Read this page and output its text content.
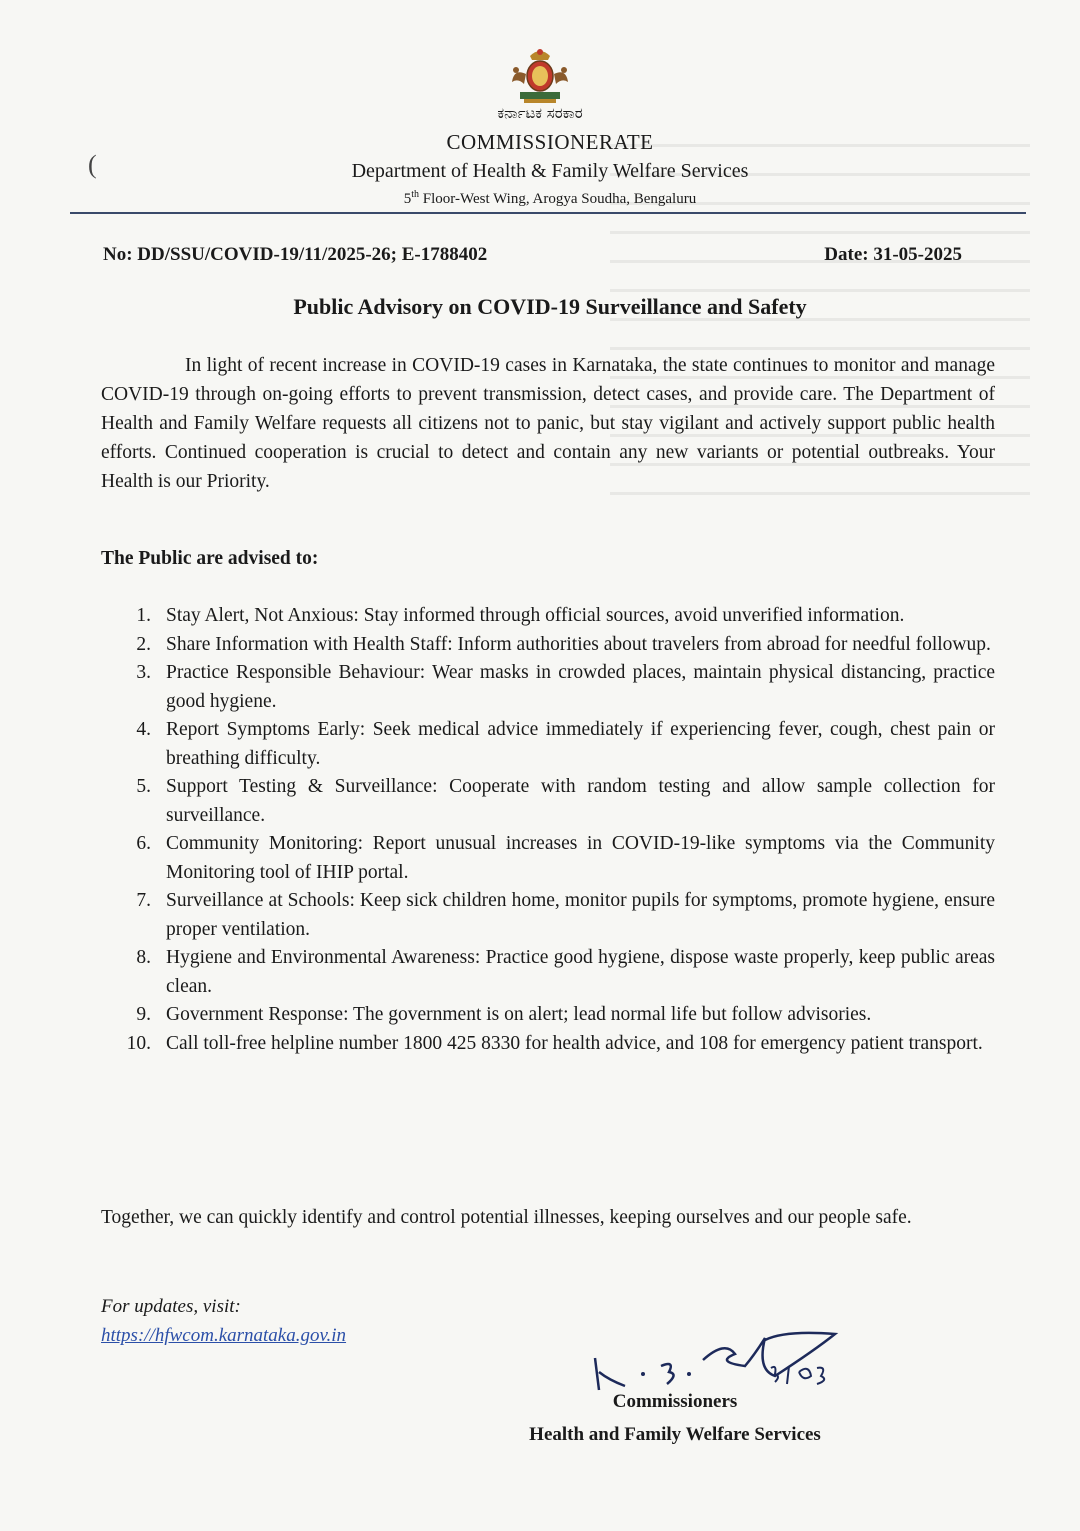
(
ಕರ್ನಾಟಕ ಸರಕಾರ
COMMISSIONERATE
Department of Health & Family Welfare Services
5th Floor-West Wing, Arogya Soudha, Bengaluru
No: DD/SSU/COVID-19/11/2025-26; E-1788402	Date: 31-05-2025
Public Advisory on COVID-19 Surveillance and Safety

In light of recent increase in COVID-19 cases in Karnataka, the state continues to monitor and manage COVID-19 through on-going efforts to prevent transmission, detect cases, and provide care. The Department of Health and Family Welfare requests all citizens not to panic, but stay vigilant and actively support public health efforts. Continued cooperation is crucial to detect and contain any new variants or potential outbreaks. Your Health is our Priority.

The Public are advised to:
1. Stay Alert, Not Anxious: Stay informed through official sources, avoid unverified information.
2. Share Information with Health Staff: Inform authorities about travelers from abroad for needful followup.
3. Practice Responsible Behaviour: Wear masks in crowded places, maintain physical distancing, practice good hygiene.
4. Report Symptoms Early: Seek medical advice immediately if experiencing fever, cough, chest pain or breathing difficulty.
5. Support Testing & Surveillance: Cooperate with random testing and allow sample collection for surveillance.
6. Community Monitoring: Report unusual increases in COVID-19-like symptoms via the Community Monitoring tool of IHIP portal.
7. Surveillance at Schools: Keep sick children home, monitor pupils for symptoms, promote hygiene, ensure proper ventilation.
8. Hygiene and Environmental Awareness: Practice good hygiene, dispose waste properly, keep public areas clean.
9. Government Response: The government is on alert; lead normal life but follow advisories.
10. Call toll-free helpline number 1800 425 8330 for health advice, and 108 for emergency patient transport.

Together, we can quickly identify and control potential illnesses, keeping ourselves and our people safe.

For updates, visit:
https://hfwcom.karnataka.gov.in
Commissioners
Health and Family Welfare Services
